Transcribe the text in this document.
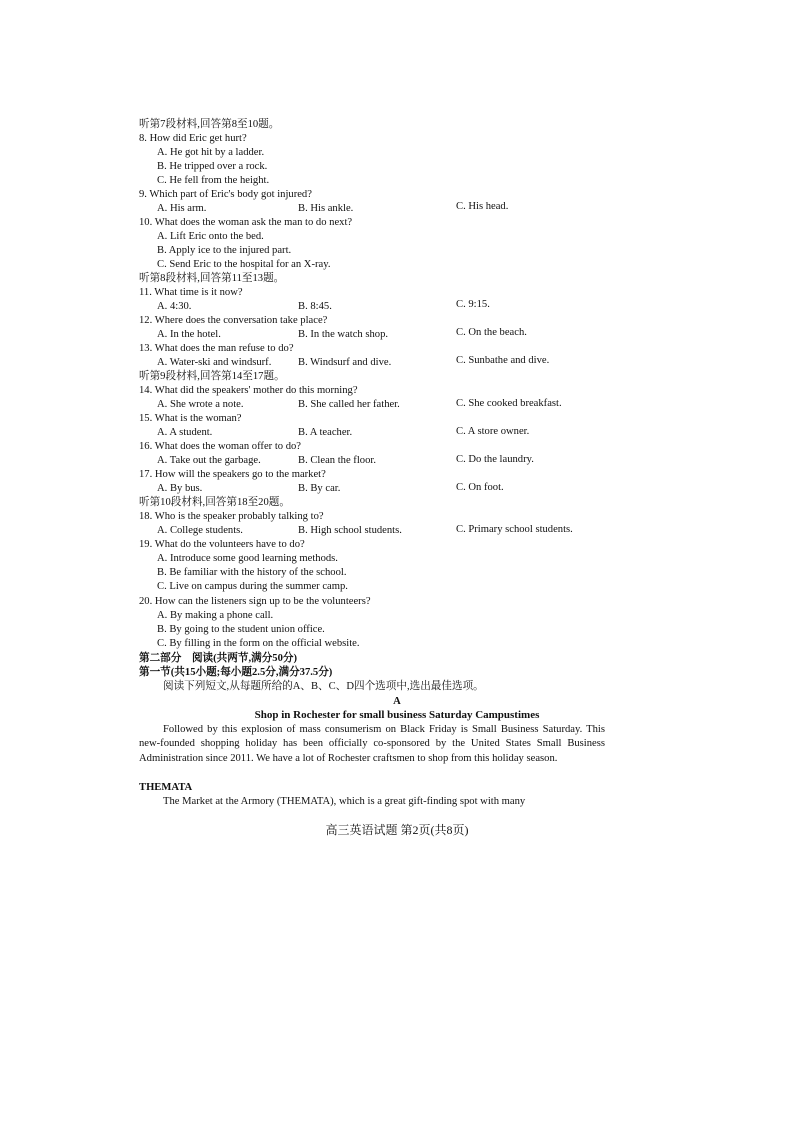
听第7段材料,回答第8至10题。
8. How did Eric get hurt?
A. He got hit by a ladder.
B. He tripped over a rock.
C. He fell from the height.
9. Which part of Eric's body got injured?
A. His arm.	B. His ankle.	C. His head.
10. What does the woman ask the man to do next?
A. Lift Eric onto the bed.
B. Apply ice to the injured part.
C. Send Eric to the hospital for an X-ray.
听第8段材料,回答第11至13题。
11. What time is it now?
A. 4:30.	B. 8:45.	C. 9:15.
12. Where does the conversation take place?
A. In the hotel.	B. In the watch shop.	C. On the beach.
13. What does the man refuse to do?
A. Water-ski and windsurf.	B. Windsurf and dive.	C. Sunbathe and dive.
听第9段材料,回答第14至17题。
14. What did the speakers' mother do this morning?
A. She wrote a note.	B. She called her father.	C. She cooked breakfast.
15. What is the woman?
A. A student.	B. A teacher.	C. A store owner.
16. What does the woman offer to do?
A. Take out the garbage.	B. Clean the floor.	C. Do the laundry.
17. How will the speakers go to the market?
A. By bus.	B. By car.	C. On foot.
听第10段材料,回答第18至20题。
18. Who is the speaker probably talking to?
A. College students.	B. High school students.	C. Primary school students.
19. What do the volunteers have to do?
A. Introduce some good learning methods.
B. Be familiar with the history of the school.
C. Live on campus during the summer camp.
20. How can the listeners sign up to be the volunteers?
A. By making a phone call.
B. By going to the student union office.
C. By filling in the form on the official website.
第二部分　阅读(共两节,满分50分)
第一节(共15小题;每小题2.5分,满分37.5分)
阅读下列短文,从每题所给的A、B、C、D四个选项中,选出最佳选项。
A
Shop in Rochester for small business Saturday Campustimes
Followed by this explosion of mass consumerism on Black Friday is Small Business Saturday. This new-founded shopping holiday has been officially co-sponsored by the United States Small Business Administration since 2011. We have a lot of Rochester craftsmen to shop from this holiday season.
THEMATA
The Market at the Armory (THEMATA), which is a great gift-finding spot with many
高三英语试题 第2页(共8页)
